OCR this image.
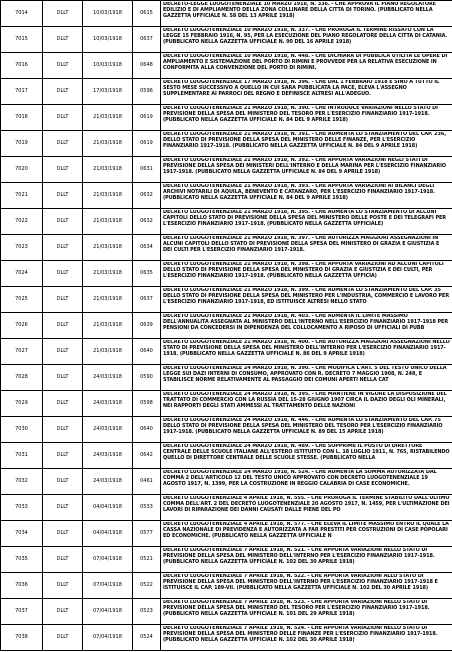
7014	DLLT	10/03/1918	0615	DECRETO-LEGGE LUOGOTENENZIALE 10 MARZO 1918, N. 336. - CHE APPROVA IL PIANO REGOLATORE EDILIZIO E DI AMPLIAMENTO DELLA ZONA COLLINARE DELLA CITTA DI TORINO. (PUBBLICATO NELLA GAZZETTA UFFICIALE N. 58 DEL 13 APRILE 1918)

7015	DLLT	10/03/1918	0637	DECRETO LUOGOTENENZIALE 10 MARZO 1918, N. 337. - CHE PROROGA IL TERMINE RISSATO CON LA LEGGE 15 FEBBRAIO 1916, N. 95, PER LA ESECUZIONE DEL PIANO REGOLATORE DELLA CITTA DI CATANIA. (PUBBLICATO NELLA GAZZETTA UFFICIALE N. 90 DEL 16 APRILE 1918)

7016	DLLT	10/03/1918	0648	DECRETO LUOGOTENENZIALE 10 MARZO 1918, N. 448. - CHE DICHIARA DI PUBBLICA UTILITA LE OPERE DI AMPLIAMENTO E SISTEMAZIONE DEL PORTO DI RIMINI E PROVVEDE PER LA RELATIVA ESECUZIONE IN CONFORMITA ALLA CONVENZIONE DEL PORTO DI RIMINI.

7017	DLLT	17/03/1918	0596	DECRETO LUOGOTENENZIALE 17 MARZO 1918, N. 396. - CHE DAL 1 FEBBRAIO 1918 E SINO A TUTTO IL SESTO MESE SUCCESSIVO A QUELLO IN CUI SARA PUBBLICATA LA PACE, ELEVA L'ASSEGNO SUPPLEMENTARE AI PARROCI DEL REGNO E DEFINISCE ALTRESI ALL'ADEGUO.

7018	DLLT	21/03/1918	0619	DECRETO LUOGOTENENZIALE 21 MARZO 1918, N. 390. - CHE INTRODUCE VARIAZIONI NELLO STATO DI PREVISIONE DELLA SPESA DEL MINISTERO DEL TESORO PER L'ESERCIZIO FINANZIARIO 1917-1918. (PUBBLICATO NELLA GAZZETTA UFFICIALE N. 84 DEL 9 APRILE 1918)

7019	DLLT	21/03/1918	0619	DECRETO LUOGOTENENZIALE 21 MARZO 1918, N. 391. - CHE AUMENTA LO STANZIAMENTO DEL CAP. 236, DELLO STATO DI PREVISIONE DELLA SPESA DEL MINISTERO DELLE FINANZE, PER L'ESERCIZIO FINANZIARIO 1917-1918. (PUBBLICATO NELLA GAZZETTA UFFICIALE N. 84 DEL 9 APRILE 1918)

7020	DLLT	21/03/1918	0631	DECRETO LUOGOTENENZIALE 21 MARZO 1918, N. 392. - CHE APPORTA VARIAZIONI NEGLI STATI DI PREVISIONE DELLA SPESA DEI MINISTERI DELL'INTERNO E DELLA MARINA PER L'ESERCIZIO FINANZIARIO 1917-1918. (PUBBLICATO NELLA GAZZETTA UFFICIALE N. 84 DEL 9 APRILE 1918)

7021	DLLT	21/03/1918	0632	DECRETO LUOGOTENENZIALE 21 MARZO 1918, N. 393. - CHE APPORTA VARIAZIONI AI BILANCI DEGLI ARCHIVI NOTARILI DI AQUILA, BENEVENTO E CATANZARO, PER L'ESERCIZIO FINANZIARIO 1917-1918. (PUBBLICATO NELLA GAZZETTA UFFICIALE N. 84 DEL 9 APRILE 1918)

7022	DLLT	21/03/1918	0632	DECRETO LUOGOTENENZIALE 21 MARZO 1918, N. 395. - CHE AUMENTA LO STANZIAMENTO DI ALCUNI CAPITOLI DELLO STATO DI PREVISIONE DELLA SPESA DEL MINISTERO DELLE POSTE E DEI TELEGRAFI PER L'ESERCIZIO FINANZIARIO 1917-1918. (PUBBLICATO NELLA GAZZETTA UFFICIALE)

7023	DLLT	21/03/1918	0634	DECRETO LUOGOTENENZIALE 21 MARZO 1918, N. 397. - CHE AUTORIZZA MAGGIORI ASSEGNAZIONI IN ALCUNI CAPITOLI DELLO STATO DI PREVISIONE DELLA SPESA DEL MINISTERO DI GRAZIA E GIUSTIZIA E DEI CULTI PER L'ESERCIZIO FINANZIARIO 1917-1918.

7024	DLLT	21/03/1918	0635	DECRETO LUOGOTENENZIALE 21 MARZO 1918, N. 398. - CHE APPORTA VARIAZIONI AD ALCUNI CAPITOLI DELLO STATO DI PREVISIONE DELLA SPESA DEL MINISTERO DI GRAZIA E GIUSTIZIA E DEI CULTI, PER L'ESERCIZIO FINANZIARIO 1917-1918. (PUBBLICATO NELLA GAZZETTA UFFICIA)

7025	DLLT	21/03/1918	0637	DECRETO LUOGOTENENZIALE 21 MARZO 1918, N. 399. - CHE AUMENTA LO STANZIAMENTO DEL CAP. 35 DELLO STATO DI PREVISIONE DELLA SPESA DEL MINISTERO PER L'INDUSTRIA, COMMERCIO E LAVORO PER L'ESERCIZIO FINANZIARIO 1917-1918, ED ISTITUISCE ALTRESI NELLO STATO

7026	DLLT	21/03/1918	0639	DECRETO LUOGOTENENZIALE 21 MARZO 1918, N. 403. - CHE AUMENTA IL LIMITE MASSIMO DELL'ANNUALITA ASSEGNATA AL MINISTERO DELL'INTERNO NELL'ESERCIZIO FINANZIARIO 1917-1918 PER PENSIONI DA CONCEDERSI IN DIPENDENZA DEL COLLOCAMENTO A RIPOSO DI UFFICIALI DI PUBB

7027	DLLT	21/03/1918	0640	DECRETO LUOGOTENENZIALE 21 MARZO 1918, N. 400. - CHE AUTORIZZA MAGGIORI ASSEGNAZIONI NELLO STATO DI PREVISIONE DELLA SPESA DEL MINISTERO DELL'INTERNO PER L'ESERCIZIO FINANZIARIO 1917-1918. (PUBBLICATO NELLA GAZZETTA UFFICIALE N. 86 DEL 9 APRILE 1918)

7028	DLLT	24/03/1918	0590	DECRETO LUOGOTENENZIALE 24 MARZO 1918, N. 390. - CHE MODIFICA L'ART. 5 DEL TESTO UNICO DELLA LEGGE SUI DAZI INTERNI DI CONSUMO, APPROVATO CON R. DECRETO 7 MAGGIO 1908, N. 248, E STABILISCE NORME RELATIVAMENTE AL PASSAGGIO DEI COMUNI APERTI NELLA CAT

7029	DLLT	24/03/1918	0598	DECRETO LUOGOTENENZIALE 24 MARZO 1918, N. 395. - CHE MANTIENE IN VIGORE LA DISPOSIZIONE DEL TRATTATO DI COMMERCIO CON LA RUSSIA DEL 15-28 GIUGNO 1907 CIRCA IL DAZIO DEGLI OLI MINERALI, NEI RAPPORTI DEGLI STATI AMMESSI AL TRATTAMENTO DELLE NAZIONI

7030	DLLT	24/03/1918	0640	DECRETO LUOGOTENENZIALE 24 MARZO 1918, N. 446. - CHE AUMENTA LO STANZIAMENTO DEL CAP. 75 DELLO STATO DI PREVISIONE DELLA SPESA DEL MINISTERO DEL TESORO PER L'ESERCIZIO FINANZIARIO 1917-1918. (PUBBLICATO NELLA GAZZETTA UFFICIALE N. 89 DEL 15 APRILE 1918)

7031	DLLT	24/03/1918	0642	DECRETO LUOGOTENENZIALE 24 MARZO 1918, N. 489. - CHE SOPPRIME IL POSTO DI DIRETTORE CENTRALE DELLE SCUOLE ITALIANE ALL'ESTERO ISTITUITO CON L. 18 LUGLIO 1911, N. 765, RISTABILENDO QUELLO DI DIRETTORE CENTRALE DELLE SCUOLE STESSE. (PUBBLICATO NELLA

7032	DLLT	24/03/1918	0461	DECRETO LUOGOTENENZIALE 24 MARZO 1918, N. 524. - CHE AUMENTA LA SOMMA AUTORIZZATA DAL COMMA 2 DELL'ARTICOLO 12 DEL TESTO UNICO APPROVATO CON DECRETO LUOGOTENENZIALE 19 AGOSTO 1917, N. 1399, PER LA COSTRUZIONE IN REGGIO CALABRIA DI CASE ECONOMICHE.

7033	DLLT	04/04/1918	0533	DECRETO LUOGOTENENZIALE 4 APRILE 1918, N. 555. - CHE PROROGA IL TERMINE STABILITO DALL'ULTIMO COMMA DELL'ART. 2 DEL DECRETO LUOGOTENENZIALE 20 AGOSTO 1917, N. 1459, PER L'ULTIMAZIONE DEI LAVORI DI RIPARAZIONE DEI DANNI CAUSATI DALLE PIENE DEL PO

7034	DLLT	04/04/1918	0577	DECRETO LUOGOTENENZIALE 4 APRILE 1918, N. 577. - CHE ELEVA IL LIMITE MASSIMO ENTRO IL QUALE LA CASSA NAZIONALE DI PREVIDENZA E AUTORIZZATA A FAR PRESTITI PER COSTRUZIONI DI CASE POPOLARI ED ECONOMICHE. (PUBBLICATO NELLA GAZZETTA UFFICIALE N

7035	DLLT	07/04/1918	0521	DECRETO LUOGOTENENZIALE 7 APRILE 1918, N. 521. - CHE APPORTA VARIAZIONI NELLO STATO DI PREVISIONE DELLA SPESA DEL MINISTERO DELL'INTERNO PER L'ESERCIZIO FINANZIARIO 1917-1918. (PUBBLICATO NELLA GAZZETTA UFFICIALE N. 102 DEL 30 APRILE 1918)

7036	DLLT	07/04/1918	0522	DECRETO LUOGOTENENZIALE 7 APRILE 1918, N. 522. - CHE APPORTA VARIAZIONI ALLO STATO DI PREVISIONE DELLA SPESA DEL MINISTERO DELL'INTERNO PER L'ESERCIZIO FINANZIARIO 1917-1918 E ISTITUISCE IL CAP. 189-VII. (PUBBLICATO NELLA GAZZETTA UFFICIALE N. 102 DEL 30 APRILE 1918)

7037	DLLT	07/04/1918	0523	DECRETO LUOGOTENENZIALE 7 APRILE 1918, N. 523. - CHE APPORTA VARIAZIONI NELLO STATO DI PREVISIONE DELLA SPESA DEL MINISTERO DEL TESORO PER L'ESERCIZIO FINANZIARIO 1917-1918. (PUBBLICATO NELLA GAZZETTA UFFICIALE N. 101 DEL 29 APRILE 1918)

7038	DLLT	07/04/1918	0524	DECRETO LUOGOTENENZIALE 7 APRILE 1918, N. 524. - CHE APPORTA VARIAZIONI NELLO STATO DI PREVISIONE DELLA SPESA DEL MINISTERO DELLE FINANZE PER L'ESERCIZIO FINANZIARIO 1917-1918. (PUBBLICATO NELLA GAZZETTA UFFICIALE N. 102 DEL 30 APRILE 1918)
